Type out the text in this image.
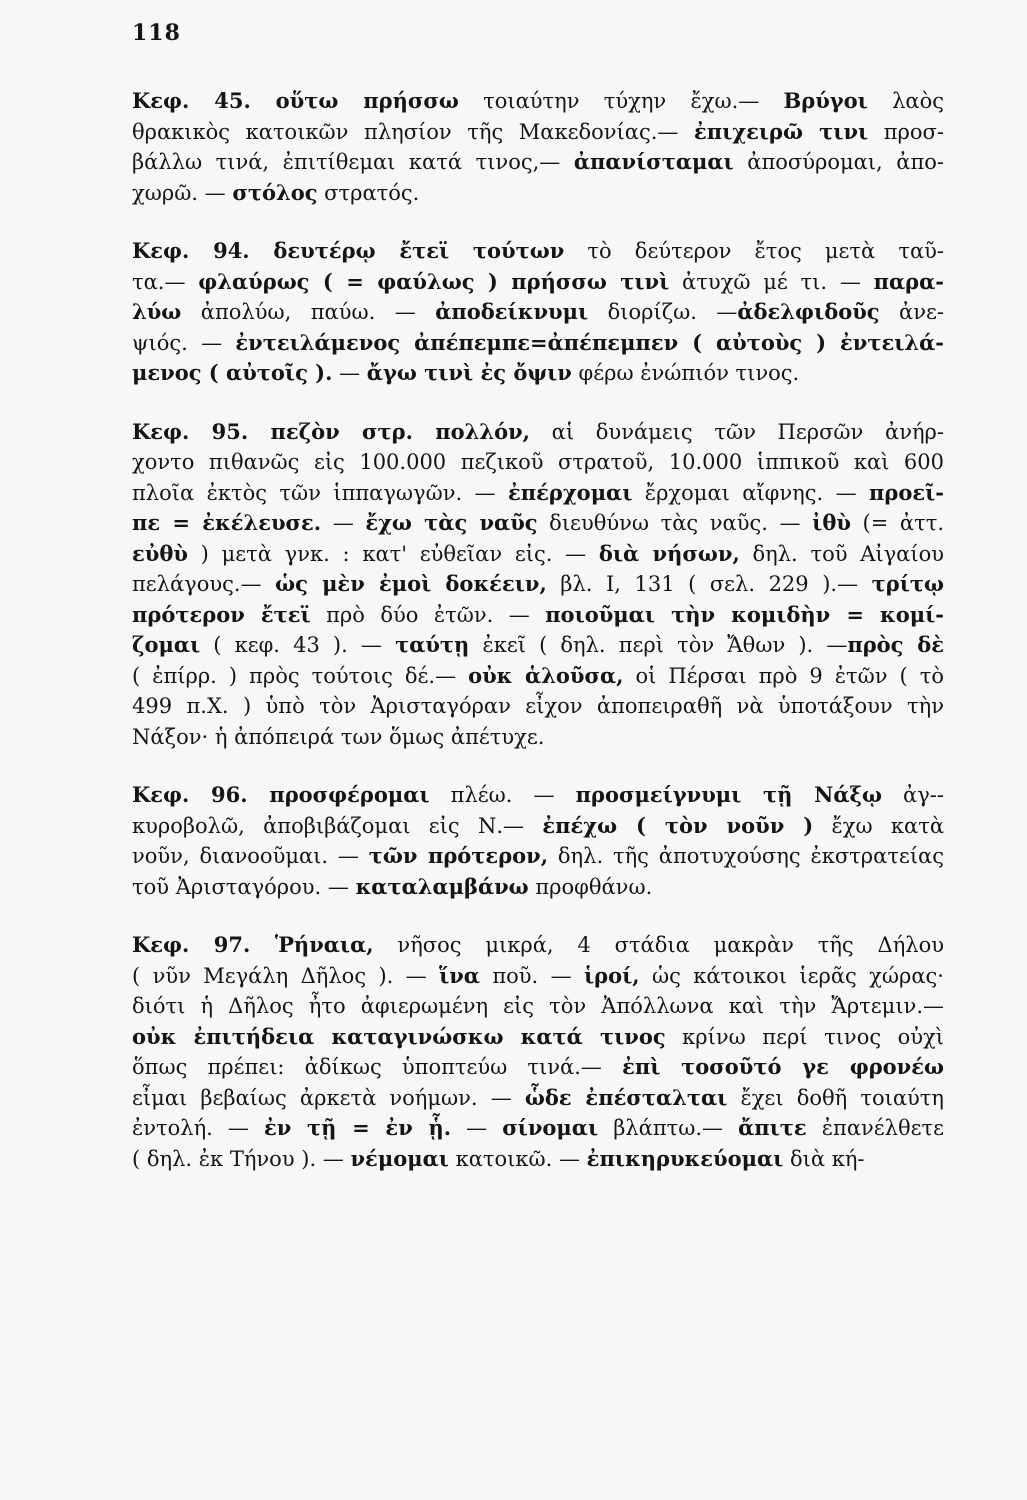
118
Κεφ. 45. οὕτω πρήσσω τοιαύτην τύχην ἔχω.— Βρύγοι λαὸς
θρακικὸς κατοικῶν πλησίον τῆς Μακεδονίας.— ἐπιχειρῶ τινι προσ-
βάλλω τινά, ἐπιτίθεμαι κατά τινος,— ἀπανίσταμαι ἀποσύρομαι, ἀπο-
χωρῶ. — στόλος στρατός.
Κεφ. 94. δευτέρῳ ἔτεϊ τούτων τὸ δεύτερον ἔτος μετὰ ταῦ-
τα.— φλαύρως ( = φαύλως ) πρήσσω τινὶ ἀτυχῶ μέ τι. — παρα-
λύω ἀπολύω, παύω. — ἀποδείκνυμι διορίζω. —ἀδελφιδοῦς ἀνε-
ψιός. — ἐντειλάμενος ἀπέπεμπε=ἀπέπεμπεν ( αὐτοὺς ) ἐντειλά-
μενος ( αὐτοῖς ). — ἄγω τινὶ ἐς ὄψιν φέρω ἐνώπιόν τινος.
Κεφ. 95. πεζὸν στρ. πολλόν, αἱ δυνάμεις τῶν Περσῶν ἀνήρ-
χοντο πιθανῶς εἰς 100.000 πεζικοῦ στρατοῦ, 10.000 ἱππικοῦ καὶ 600
πλοῖα ἐκτὸς τῶν ἱππαγωγῶν. — ἐπέρχομαι ἔρχομαι αἴφνης. — προεῖ-
πε = ἐκέλευσε. — ἔχω τὰς ναῦς διευθύνω τὰς ναῦς. — ἰθὺ (= ἀττ.
εὐθὺ ) μετὰ γνκ. : κατ' εὐθεῖαν εἰς. — διὰ νήσων, δηλ. τοῦ Αἰγαίου
πελάγους.— ὡς μὲν ἐμοὶ δοκέειν, βλ. I, 131 ( σελ. 229 ).— τρίτῳ
πρότερον ἔτεϊ πρὸ δύο ἐτῶν. — ποιοῦμαι τὴν κομιδὴν = κομί-
ζομαι ( κεφ. 43 ). — ταύτῃ ἐκεῖ ( δηλ. περὶ τὸν Ἄθων ). —πρὸς δὲ
( ἐπίρρ. ) πρὸς τούτοις δέ.— οὐκ ἁλοῦσα, οἱ Πέρσαι πρὸ 9 ἐτῶν ( τὸ
499 π.Χ. ) ὑπὸ τὸν Ἀρισταγόραν εἶχον ἀποπειραθῆ νὰ ὑποτάξουν τὴν
Νάξον· ἡ ἀπόπειρά των ὅμως ἀπέτυχε.
Κεφ. 96. προσφέρομαι πλέω. — προσμείγνυμι τῇ Νάξῳ ἀγ--
κυροβολῶ, ἀποβιβάζομαι εἰς Ν.— ἐπέχω ( τὸν νοῦν ) ἔχω κατὰ
νοῦν, διανοοῦμαι. — τῶν πρότερον, δηλ. τῆς ἀποτυχούσης ἐκστρατείας
τοῦ Ἀρισταγόρου. — καταλαμβάνω προφθάνω.
Κεφ. 97. Ῥήναια, νῆσος μικρά, 4 στάδια μακρὰν τῆς Δήλου
( νῦν Μεγάλη Δῆλος ). — ἵνα ποῦ. — ἱροί, ὡς κάτοικοι ἱερᾶς χώρας·
διότι ἡ Δῆλος ἦτο ἀφιερωμένη εἰς τὸν Ἀπόλλωνα καὶ τὴν Ἄρτεμιν.—
οὐκ ἐπιτήδεια καταγινώσκω κατά τινος κρίνω περί τινος οὐχὶ
ὅπως πρέπει: ἀδίκως ὑποπτεύω τινά.— ἐπὶ τοσοῦτό γε φρονέω
εἶμαι βεβαίως ἀρκετὰ νοήμων. — ὧδε ἐπέσταλται ἔχει δοθῆ τοιαύτη
ἐντολή. — ἐν τῇ = ἐν ᾗ. — σίνομαι βλάπτω.— ἄπιτε ἐπανέλθετε
( δηλ. ἐκ Τήνου ). — νέμομαι κατοικῶ. — ἐπικηρυκεύομαι διὰ κή-
